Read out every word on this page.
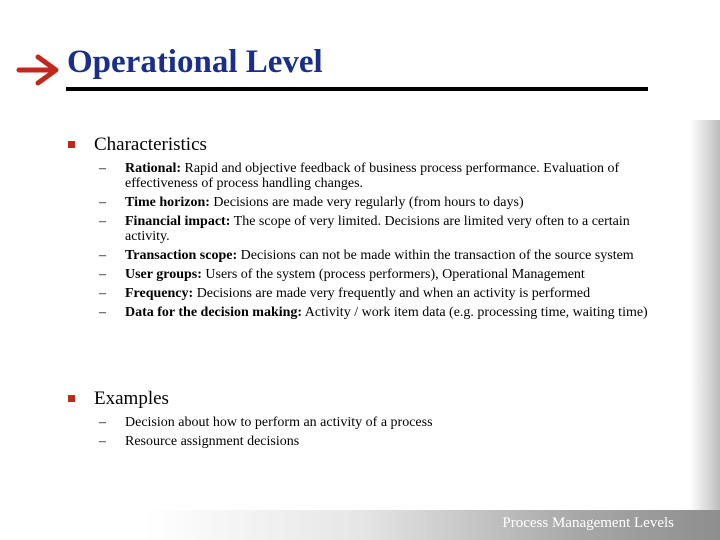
Process Management Levels
Operational Level
Characteristics
– Rational: Rapid and objective feedback of business process performance. Evaluation of effectiveness of process handling changes.
– Time horizon: Decisions are made very regularly (from hours to days)
– Financial impact: The scope of very limited. Decisions are limited very often to a certain activity.
– Transaction scope: Decisions can not be made within the transaction of the source system
– User groups: Users of the system (process performers), Operational Management
– Frequency: Decisions are made very frequently and when an activity is performed
– Data for the decision making: Activity / work item data (e.g. processing time, waiting time)
Examples
– Decision about how to perform an activity of a process
– Resource assignment decisions
